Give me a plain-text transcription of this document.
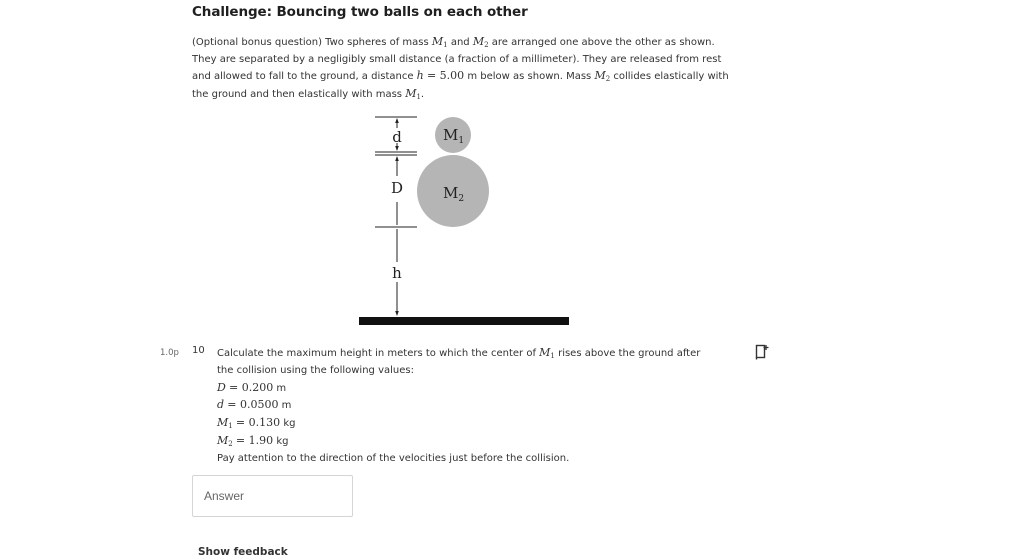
Challenge: Bouncing two balls on each other
(Optional bonus question) Two spheres of mass $M_1$ and $M_2$ are arranged one above the other as shown. They are separated by a negligibly small distance (a fraction of a millimeter). They are released from rest and allowed to fall to the ground, a distance h = 5.00 m below as shown. Mass $M_2$ collides elastically with the ground and then elastically with mass $M_1$.
d
D
h
$M_1$
$M_2$
1.0p 10 Calculate the maximum height in meters to which the center of $M_1$ rises above the ground after the collision using the following values:
D = 0.200 m
d = 0.0500 m
$M_1 = 0.130$ kg
$M_2 = 1.90$ kg
Pay attention to the direction of the velocities just before the collision.
Answer
Show feedback
